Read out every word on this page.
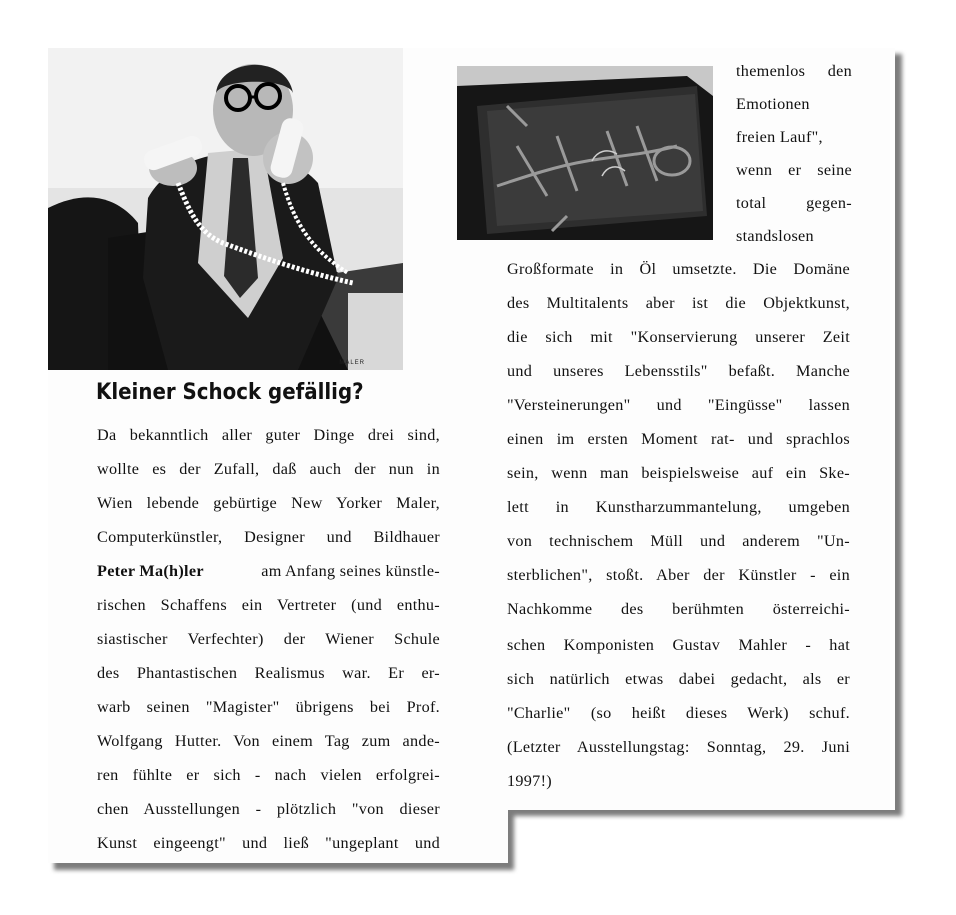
MALER
Kleiner Schock gefällig?
Da bekanntlich aller guter Dinge drei sind,
wollte es der Zufall, daß auch der nun in
Wien lebende gebürtige New Yorker Maler,
Computerkünstler, Designer und Bildhauer
Peter Ma(h)ler	am Anfang seines künstle-
rischen Schaffens ein Vertreter (und enthu-
siastischer Verfechter) der Wiener Schule
des Phantastischen Realismus war. Er er-
warb seinen "Magister" übrigens bei Prof.
Wolfgang Hutter. Von einem Tag zum ande-
ren fühlte er sich - nach vielen erfolgrei-
chen Ausstellungen - plötzlich "von dieser
Kunst eingeengt" und ließ "ungeplant und
themenlos den
Emotionen
freien Lauf",
wenn er seine
total gegen-
standslosen
Großformate in Öl umsetzte. Die Domäne
des Multitalents aber ist die Objektkunst,
die sich mit "Konservierung unserer Zeit
und unseres Lebensstils" befaßt. Manche
"Versteinerungen" und "Eingüsse" lassen
einen im ersten Moment rat- und sprachlos
sein, wenn man beispielsweise auf ein Ske-
lett in Kunstharzummantelung, umgeben
von technischem Müll und anderem "Un-
sterblichen", stoßt. Aber der Künstler - ein
Nachkomme des berühmten österreichi-
schen Komponisten Gustav Mahler - hat
sich natürlich etwas dabei gedacht, als er
"Charlie" (so heißt dieses Werk) schuf.
(Letzter Ausstellungstag: Sonntag, 29. Juni
1997!)
